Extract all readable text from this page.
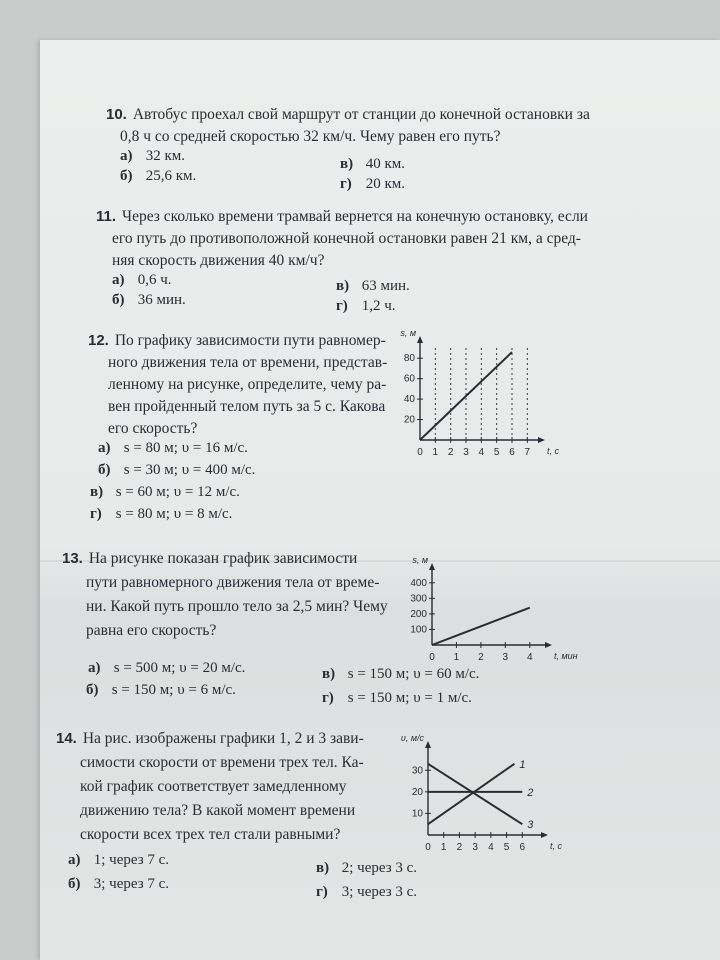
10. Автобус проехал свой маршрут от станции до конечной остановки за
0,8 ч со средней скоростью 32 км/ч. Чему равен его путь?
а) 32 км.
б) 25,6 км.
в) 40 км.
г) 20 км.
11. Через сколько времени трамвай вернется на конечную остановку, если
его путь до противоположной конечной остановки равен 21 км, а сред-
няя скорость движения 40 км/ч?
а) 0,6 ч.
б) 36 мин.
в) 63 мин.
г) 1,2 ч.
12. По графику зависимости пути равномер-
ного движения тела от времени, представ-
ленному на рисунке, определите, чему ра-
вен пройденный телом путь за 5 с. Какова
его скорость?
а) s = 80 м; υ = 16 м/с.
б) s = 30 м; υ = 400 м/с.
в) s = 60 м; υ = 12 м/с.
г) s = 80 м; υ = 8 м/с.
13. На рисунке показан график зависимости
пути равномерного движения тела от време-
ни. Какой путь прошло тело за 2,5 мин? Чему
равна его скорость?
а) s = 500 м; υ = 20 м/с.
б) s = 150 м; υ = 6 м/с.
в) s = 150 м; υ = 60 м/с.
г) s = 150 м; υ = 1 м/с.
14. На рис. изображены графики 1, 2 и 3 зави-
симости скорости от времени трех тел. Ка-
кой график соответствует замедленному
движению тела? В какой момент времени
скорости всех трех тел стали равными?
а) 1; через 7 с.
б) 3; через 7 с.
в) 2; через 3 с.
г) 3; через 3 с.
0 1 2 3 4 5 6 7
20
40
60
80
s, м
t, с
0 1 2 3 4
100
200
300
400
s, м
t, мин
0 1 2 3 4 5 6
10
20
30
υ, м/с
t, с
1
2
3
